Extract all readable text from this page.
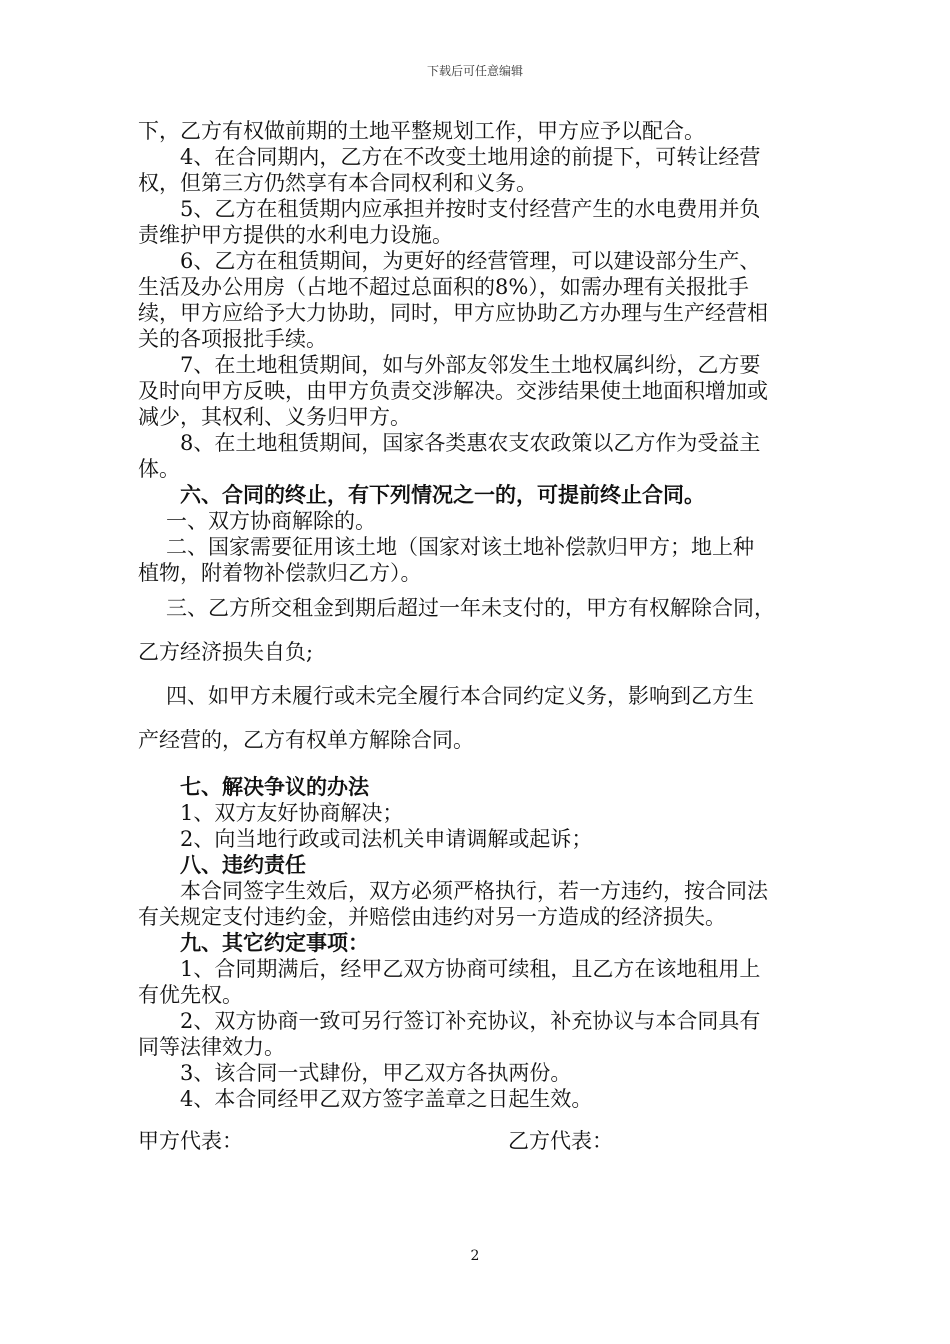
下载后可任意编辑
下，乙方有权做前期的土地平整规划工作，甲方应予以配合。
4、在合同期内，乙方在不改变土地用途的前提下，可转让经营
权，但第三方仍然享有本合同权利和义务。
5、乙方在租赁期内应承担并按时支付经营产生的水电费用并负
责维护甲方提供的水利电力设施。
6、乙方在租赁期间，为更好的经营管理，可以建设部分生产、
生活及办公用房（占地不超过总面积的8%），如需办理有关报批手
续，甲方应给予大力协助，同时，甲方应协助乙方办理与生产经营相
关的各项报批手续。
7、在土地租赁期间，如与外部友邻发生土地权属纠纷，乙方要
及时向甲方反映，由甲方负责交涉解决。交涉结果使土地面积增加或
减少，其权利、义务归甲方。
8、在土地租赁期间，国家各类惠农支农政策以乙方作为受益主
体。
六、合同的终止，有下列情况之一的，可提前终止合同。
一、双方协商解除的。
二、国家需要征用该土地（国家对该土地补偿款归甲方；地上种
植物，附着物补偿款归乙方）。
三、乙方所交租金到期后超过一年未支付的，甲方有权解除合同，
乙方经济损失自负;
四、如甲方未履行或未完全履行本合同约定义务，影响到乙方生
产经营的，乙方有权单方解除合同。
七、解决争议的办法
1、双方友好协商解决；
2、向当地行政或司法机关申请调解或起诉；
八、违约责任
本合同签字生效后，双方必须严格执行，若一方违约，按合同法
有关规定支付违约金，并赔偿由违约对另一方造成的经济损失。
九、其它约定事项：
1、合同期满后，经甲乙双方协商可续租，且乙方在该地租用上
有优先权。
2、双方协商一致可另行签订补充协议，补充协议与本合同具有
同等法律效力。
3、该合同一式肆份，甲乙双方各执两份。
4、本合同经甲乙双方签字盖章之日起生效。
甲方代表：	乙方代表：
2
